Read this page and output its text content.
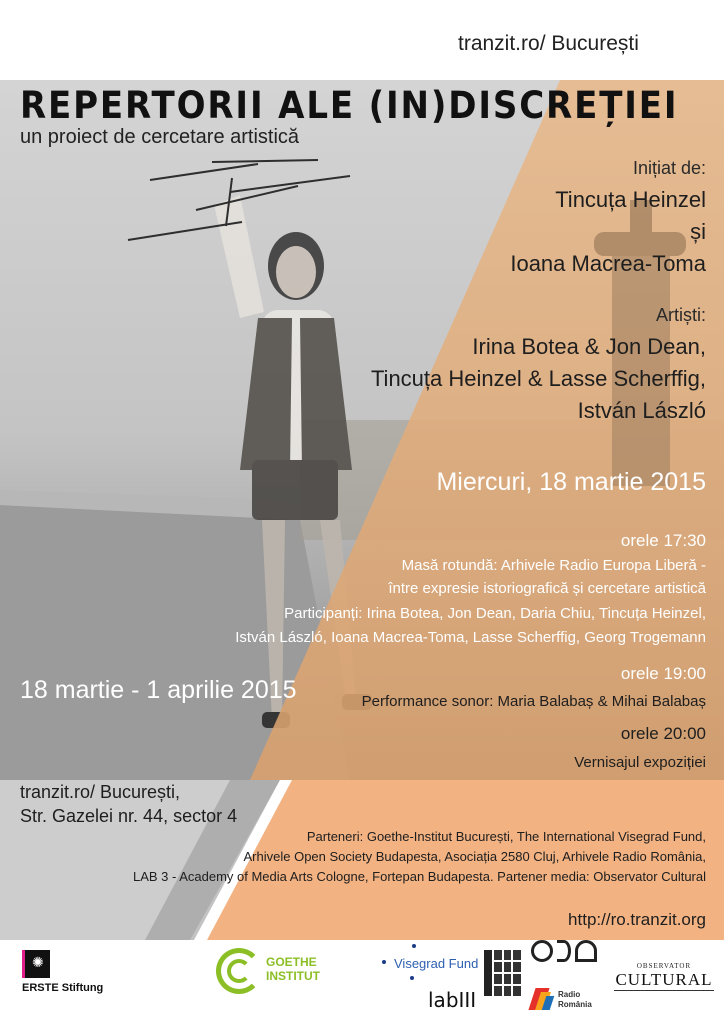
tranzit.ro/ București
REPERTORII ALE (IN)DISCREȚIEI
un proiect de cercetare artistică
Inițiat de:
Tincuța Heinzel
și
Ioana Macrea-Toma
Artiști:
Irina Botea & Jon Dean,
Tincuța Heinzel & Lasse Scherffig,
István László
Miercuri, 18 martie 2015
orele 17:30
Masă rotundă: Arhivele Radio Europa Liberă -
între expresie istoriografică și cercetare artistică
Participanți: Irina Botea, Jon Dean, Daria Chiu, Tincuța Heinzel,
István László, Ioana Macrea-Toma, Lasse Scherffig, Georg Trogemann
orele 19:00
Performance sonor: Maria Balabaș & Mihai Balabaș
orele 20:00
Vernisajul expoziției
18 martie - 1 aprilie 2015
tranzit.ro/ București,
Str. Gazelei nr. 44, sector 4
Parteneri: Goethe-Institut București, The International Visegrad Fund,
Arhivele Open Society Budapesta, Asociația 2580 Cluj, Arhivele Radio România,
LAB 3 - Academy of Media Arts Cologne, Fortepan Budapesta. Partener media: Observator Cultural
http://ro.tranzit.org
✺
ERSTE Stiftung
GOETHE
INSTITUT
Visegrad Fund
labIII	Radio
România
OBSERVATOR
CULTURAL
